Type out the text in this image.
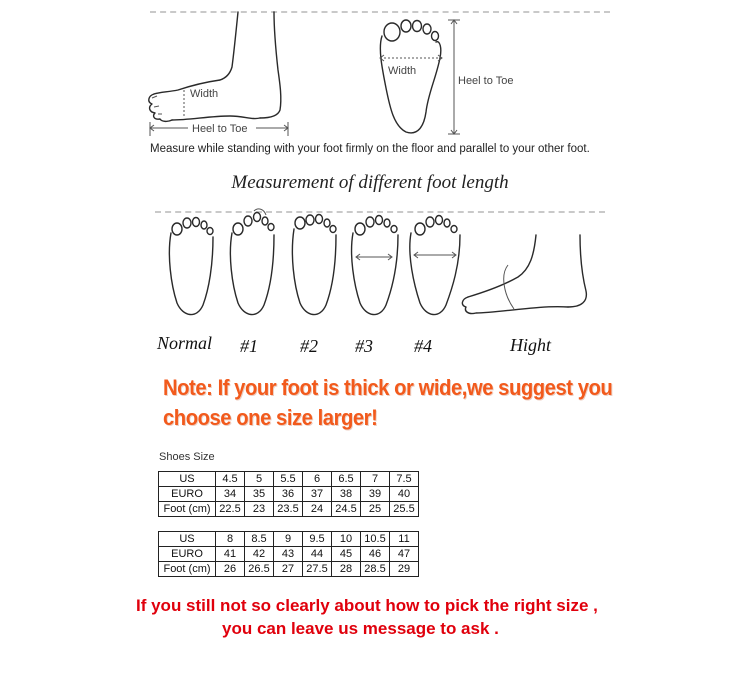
Width
Heel to Toe
Width
Heel to Toe
Measure while standing with your foot firmly on the floor and parallel to your other foot.
Measurement of different foot length
Normal #1 #2 #3 #4	Hight
Note: If your foot is thick or wide,we suggest you
choose one size larger!
Shoes Size
US	4.5	5	5.5	6	6.5	7	7.5
EURO	34	35	36	37	38	39	40
Foot (cm)	22.5	23	23.5	24	24.5	25	25.5
US	8	8.5	9	9.5	10	10.5	11
EURO	41	42	43	44	45	46	47
Foot (cm)	26	26.5	27	27.5	28	28.5	29
If you still not so clearly about how to pick the right size ,
you can leave us message to ask .
